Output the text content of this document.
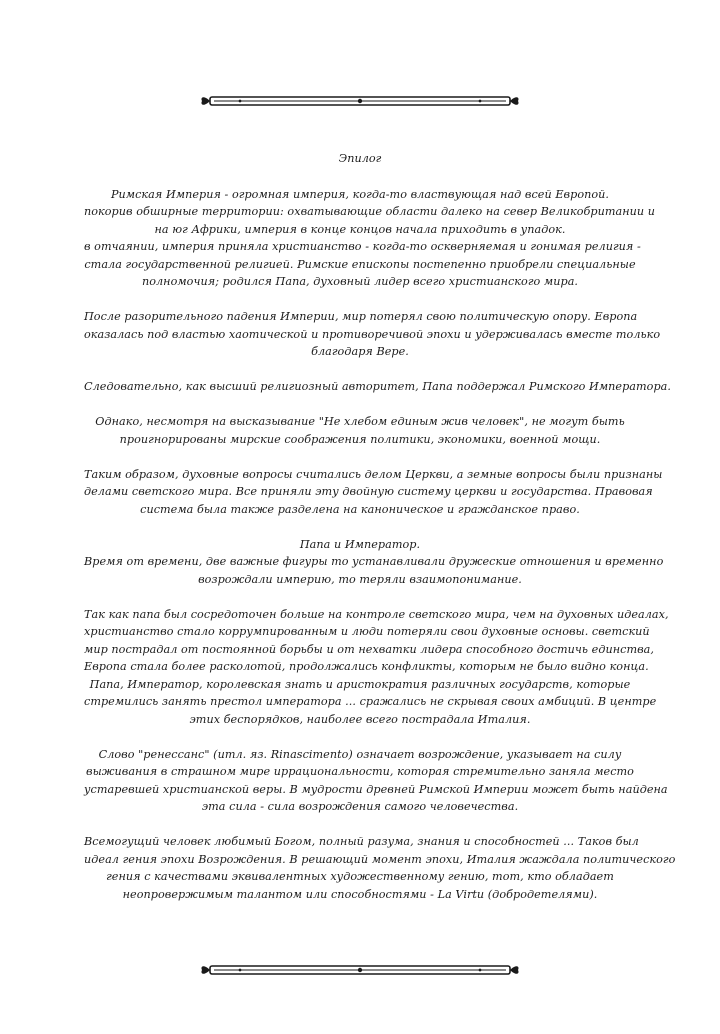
Эпилог
Римская Империя - огромная империя, когда-то властвующая над всей Европой.
покорив обширные территории: охватывающие области далеко на север Великобритании и
на юг Африки, империя в конце концов начала приходить в упадок.
в отчаянии, империя приняла христианство - когда-то оскверняемая и гонимая религия -
стала государственной религией. Римские епископы постепенно приобрели специальные
полномочия; родился Папа, духовный лидер всего христианского мира.
После разорительного падения Империи, мир потерял свою политическую опору. Европа
оказалась под властью хаотической и противоречивой эпохи и удерживалась вместе только
благодаря Вере.
Следовательно, как высший религиозный авторитет, Папа поддержал Римского Императора.
Однако, несмотря на высказывание "Не хлебом единым жив человек", не могут быть
проигнорированы мирские соображения политики, экономики, военной мощи.
Таким образом, духовные вопросы считались делом Церкви, а земные вопросы были признаны
делами светского мира. Все приняли эту двойную систему церкви и государства. Правовая
система была также разделена на каноническое и гражданское право.
Папа и Император.
Время от времени, две важные фигуры то устанавливали дружеские отношения и временно
возрождали империю, то теряли взаимопонимание.
Так как папа был сосредоточен больше на контроле светского мира, чем на духовных идеалах,
христианство стало коррумпированным и люди потеряли свои духовные основы. светский
мир пострадал от постоянной борьбы и от нехватки лидера способного достичь единства,
Европа стала более расколотой, продолжались конфликты, которым не было видно конца.
Папа, Император, королевская знать и аристократия различных государств, которые
стремились занять престол императора ... сражались не скрывая своих амбиций. В центре
этих беспорядков, наиболее всего пострадала Италия.
Слово "ренессанс" (итл. яз. Rinascimento) означает возрождение, указывает на силу
выживания в страшном мире иррациональности, которая стремительно заняла место
устаревшей христианской веры. В мудрости древней Римской Империи может быть найдена
эта сила - сила возрождения самого человечества.
Всемогущий человек любимый Богом, полный разума, знания и способностей ... Таков был
идеал гения эпохи Возрождения. В решающий момент эпохи, Италия жаждала политического
гения с качествами эквивалентных художественному гению, тот, кто обладает
неопровержимым талантом или способностями - La Virtu (добродетелями).
